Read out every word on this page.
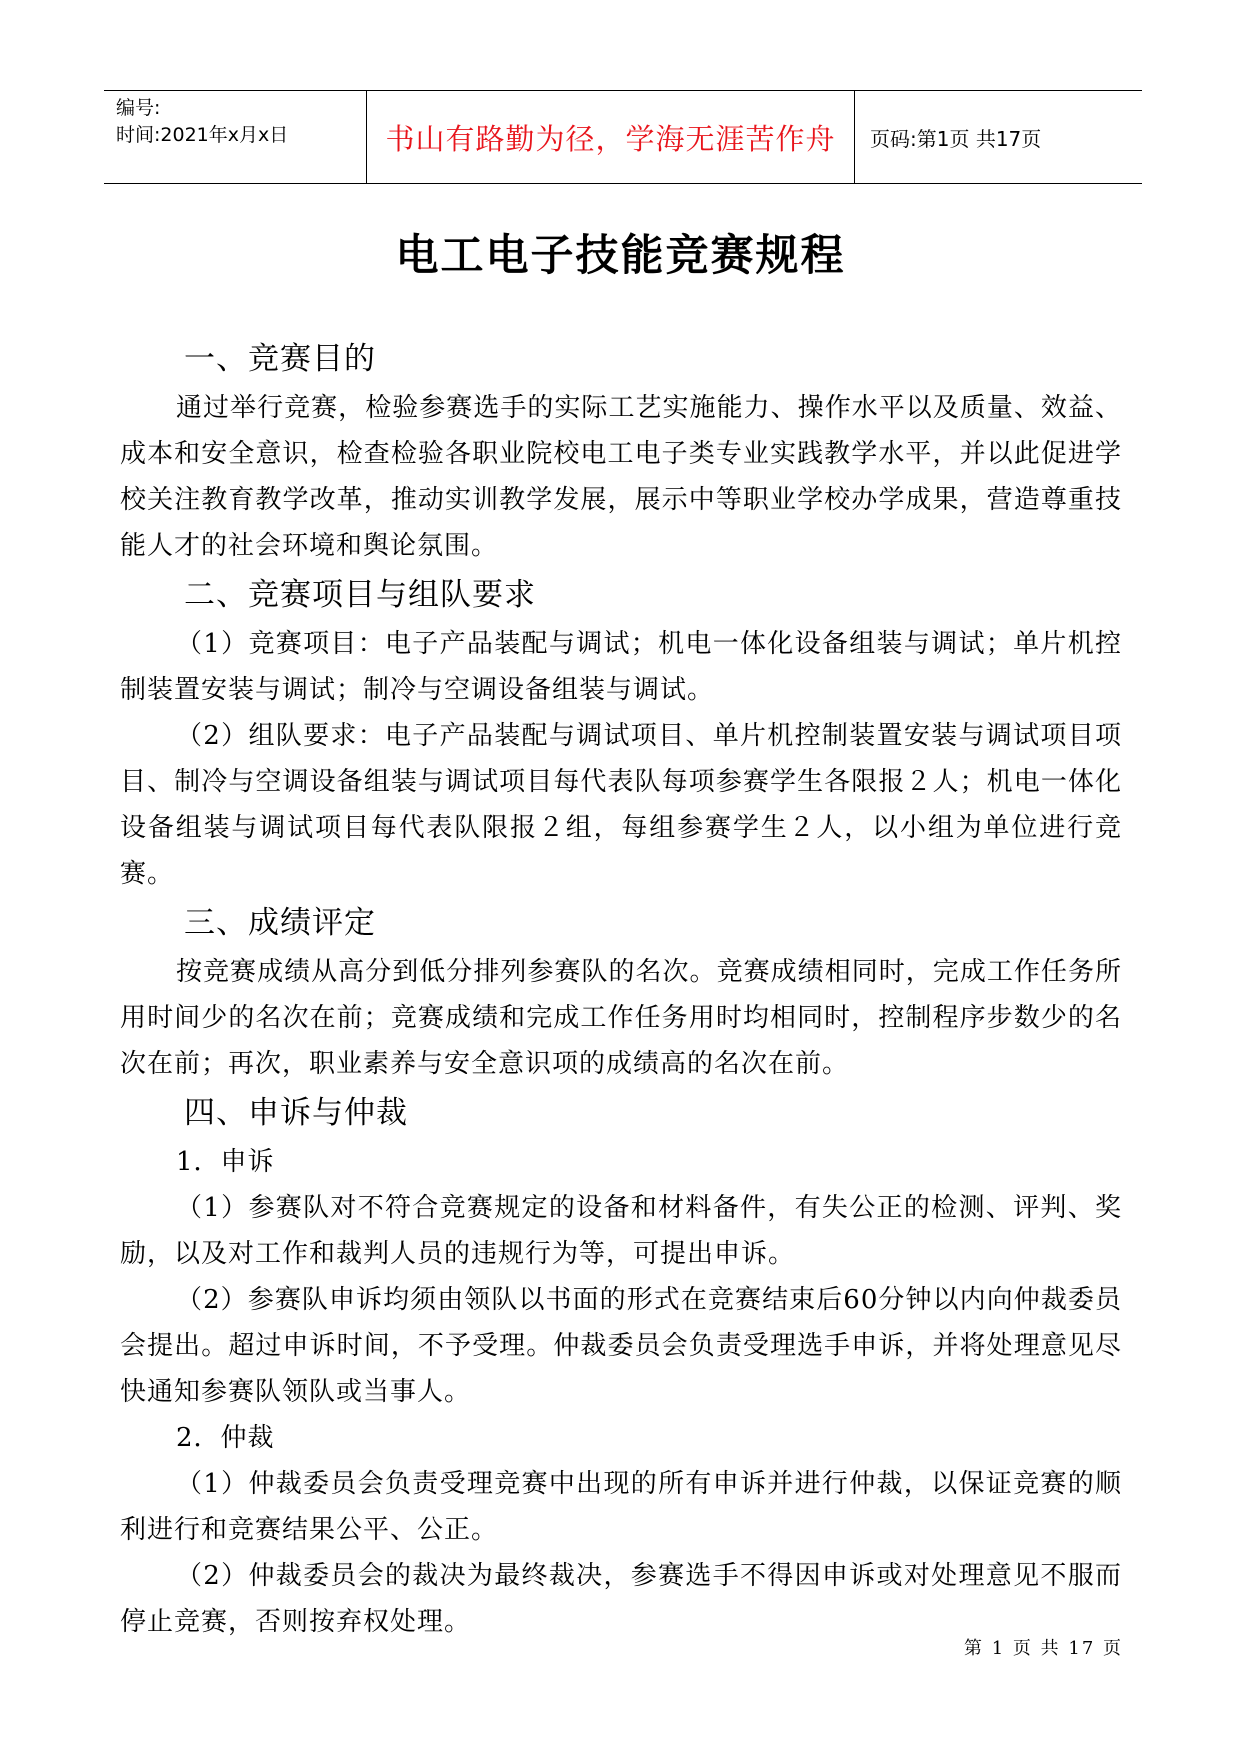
编号:
时间:2021年x月x日	书山有路勤为径，学海无涯苦作舟	页码:第1页 共17页
电工电子技能竞赛规程
一、竞赛目的

通过举行竞赛，检验参赛选手的实际工艺实施能力、操作水平以及质量、效益、成本和安全意识，检查检验各职业院校电工电子类专业实践教学水平，并以此促进学校关注教育教学改革，推动实训教学发展，展示中等职业学校办学成果，营造尊重技能人才的社会环境和舆论氛围。

二、竞赛项目与组队要求

（1）竞赛项目：电子产品装配与调试；机电一体化设备组装与调试；单片机控制装置安装与调试；制冷与空调设备组装与调试。

（2）组队要求：电子产品装配与调试项目、单片机控制装置安装与调试项目项目、制冷与空调设备组装与调试项目每代表队每项参赛学生各限报２人；机电一体化设备组装与调试项目每代表队限报２组，每组参赛学生２人，以小组为单位进行竞赛。

三、成绩评定

按竞赛成绩从高分到低分排列参赛队的名次。竞赛成绩相同时，完成工作任务所用时间少的名次在前；竞赛成绩和完成工作任务用时均相同时，控制程序步数少的名次在前；再次，职业素养与安全意识项的成绩高的名次在前。

四、申诉与仲裁

1．申诉

（1）参赛队对不符合竞赛规定的设备和材料备件，有失公正的检测、评判、奖励，以及对工作和裁判人员的违规行为等，可提出申诉。

（2）参赛队申诉均须由领队以书面的形式在竞赛结束后60分钟以内向仲裁委员会提出。超过申诉时间，不予受理。仲裁委员会负责受理选手申诉，并将处理意见尽快通知参赛队领队或当事人。

2．仲裁

（1）仲裁委员会负责受理竞赛中出现的所有申诉并进行仲裁，以保证竞赛的顺利进行和竞赛结果公平、公正。

（2）仲裁委员会的裁决为最终裁决，参赛选手不得因申诉或对处理意见不服而停止竞赛，否则按弃权处理。

第 1 页 共 17 页
